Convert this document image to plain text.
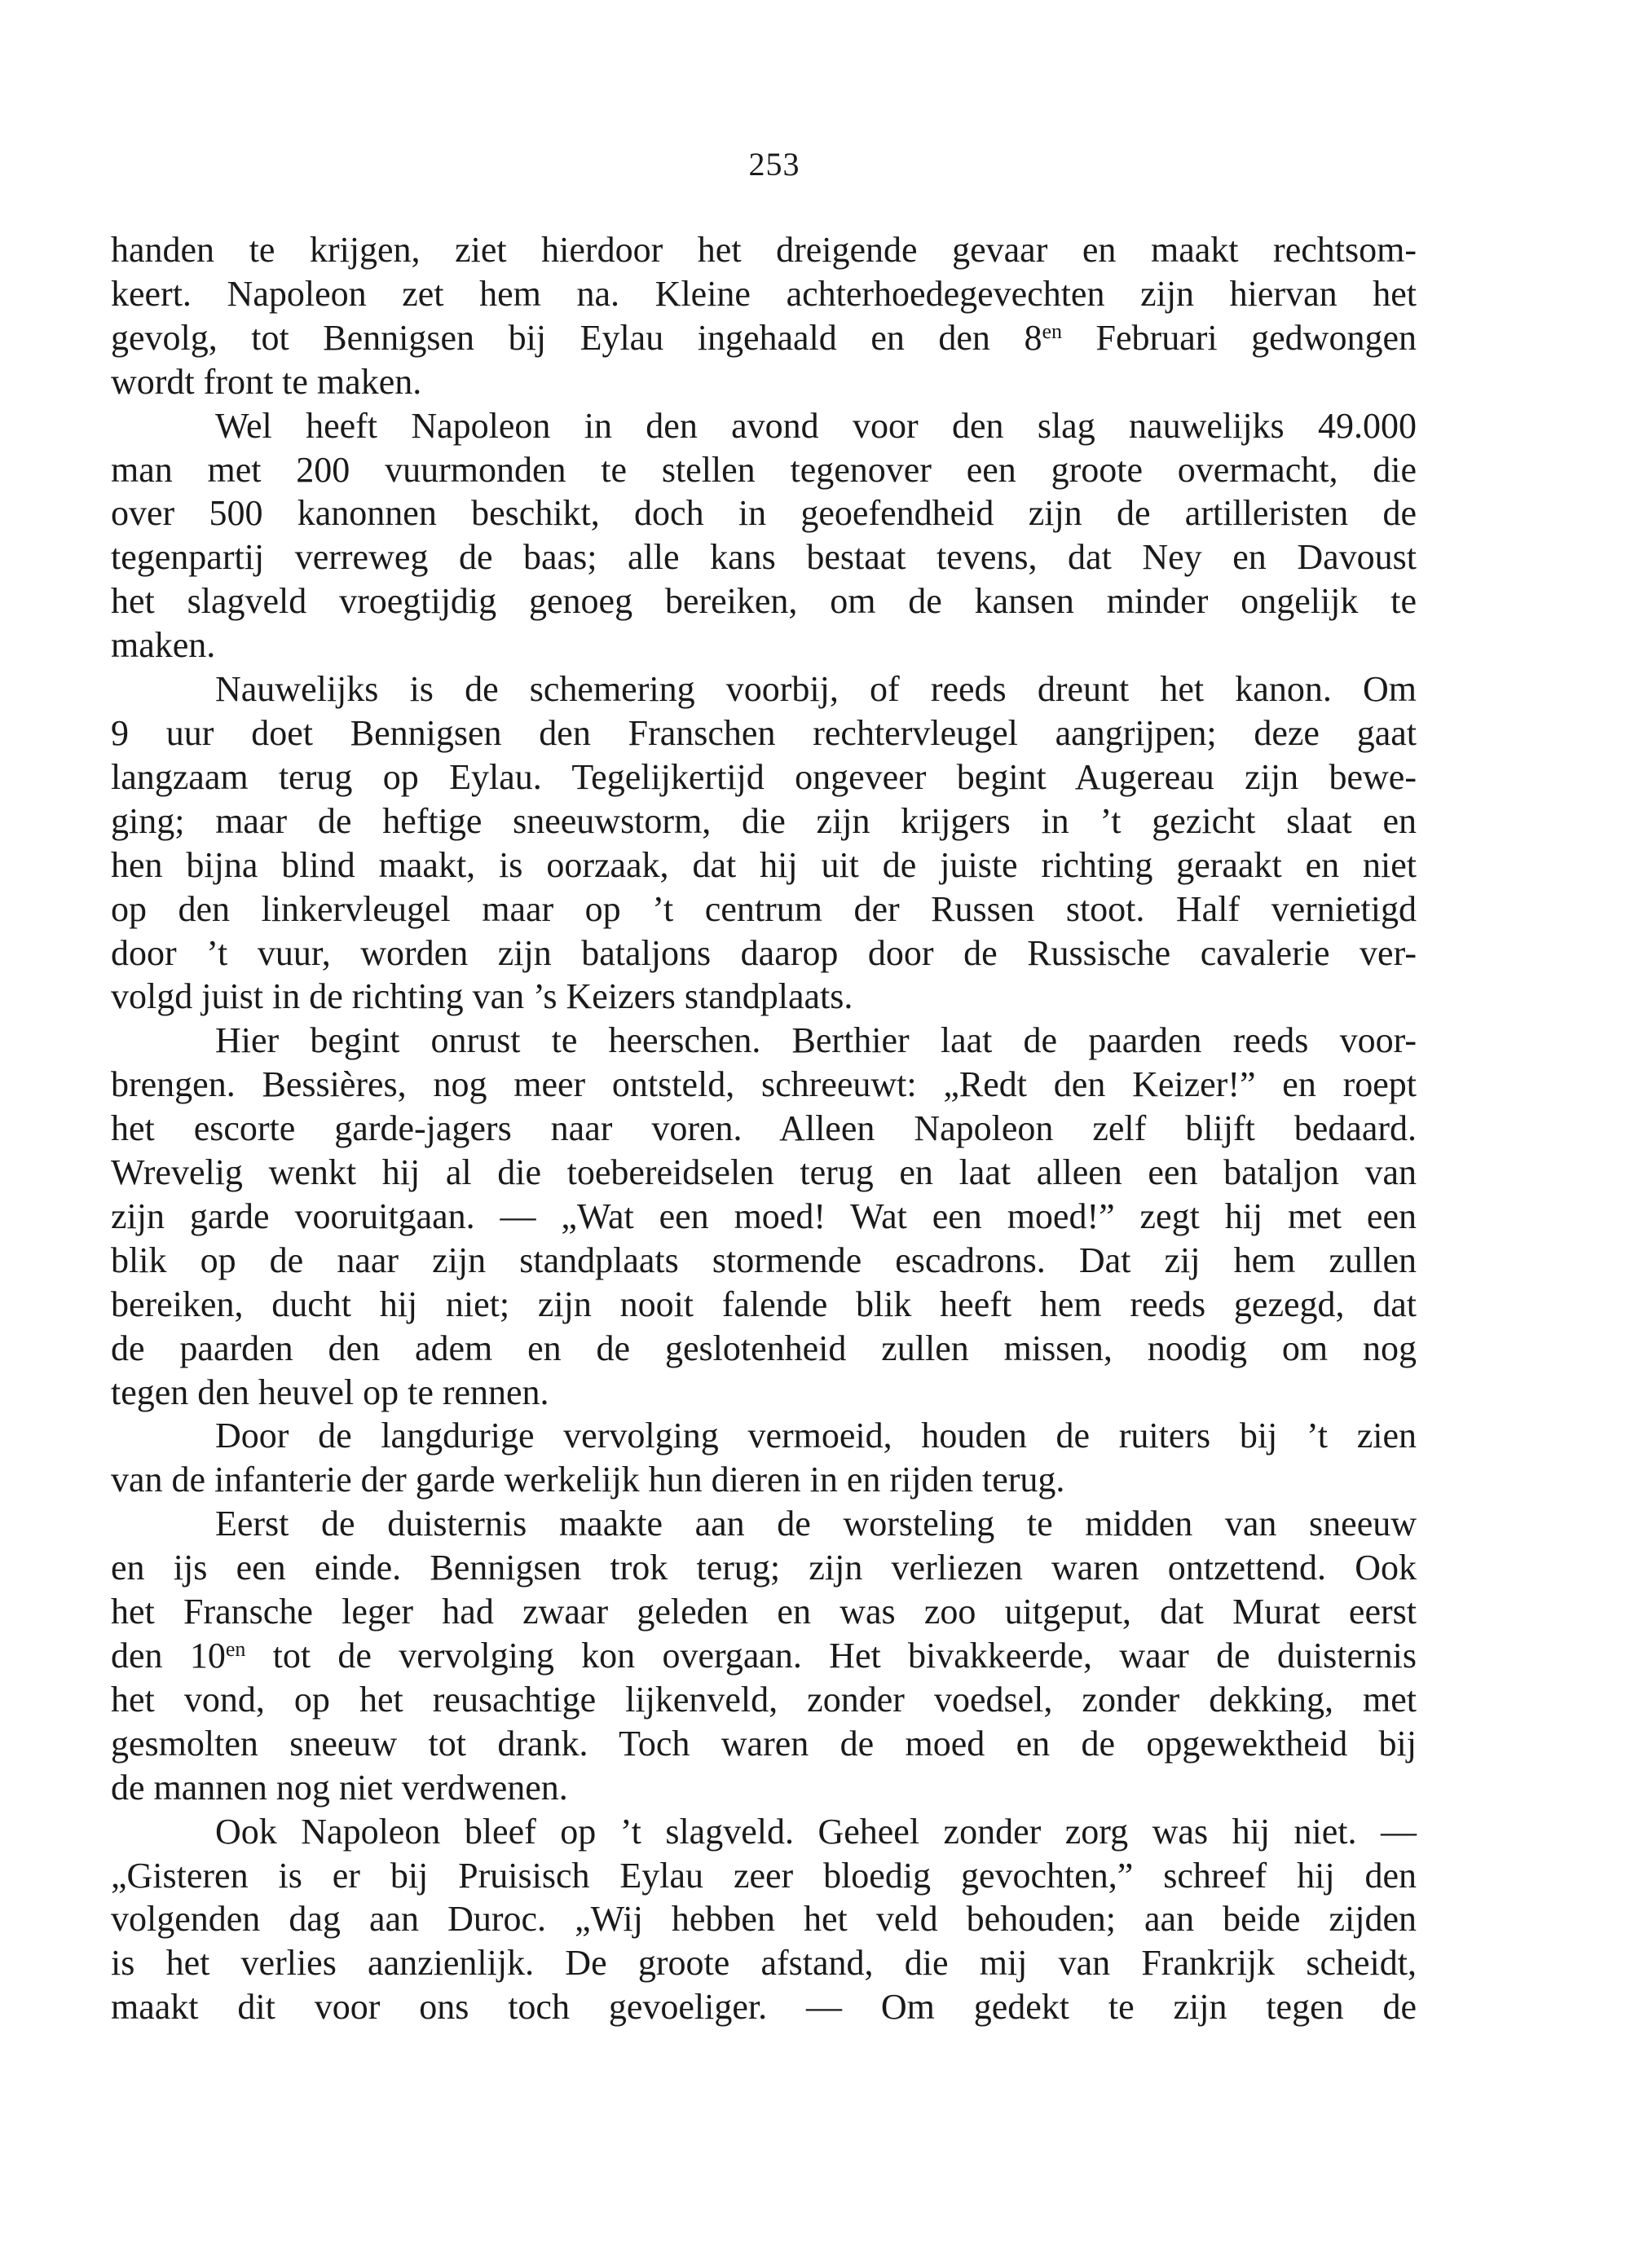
253
handen te krijgen, ziet hierdoor het dreigende gevaar en maakt rechtsom-
keert. Napoleon zet hem na. Kleine achterhoedegevechten zijn hiervan het
gevolg, tot Bennigsen bij Eylau ingehaald en den $8^{en}$ Februari gedwongen
wordt front te maken.
Wel heeft Napoleon in den avond voor den slag nauwelijks 49.000
man met 200 vuurmonden te stellen tegenover een groote overmacht, die
over 500 kanonnen beschikt, doch in geoefendheid zijn de artilleristen de
tegenpartij verreweg de baas; alle kans bestaat tevens, dat Ney en Davoust
het slagveld vroegtijdig genoeg bereiken, om de kansen minder ongelijk te
maken.
Nauwelijks is de schemering voorbij, of reeds dreunt het kanon. Om
9 uur doet Bennigsen den Franschen rechtervleugel aangrijpen; deze gaat
langzaam terug op Eylau. Tegelijkertijd ongeveer begint Augereau zijn bewe-
ging; maar de heftige sneeuwstorm, die zijn krijgers in ’t gezicht slaat en
hen bijna blind maakt, is oorzaak, dat hij uit de juiste richting geraakt en niet
op den linkervleugel maar op ’t centrum der Russen stoot. Half vernietigd
door ’t vuur, worden zijn bataljons daarop door de Russische cavalerie ver-
volgd juist in de richting van ’s Keizers standplaats.
Hier begint onrust te heerschen. Berthier laat de paarden reeds voor-
brengen. Bessières, nog meer ontsteld, schreeuwt: „Redt den Keizer!” en roept
het escorte garde-jagers naar voren. Alleen Napoleon zelf blijft bedaard.
Wrevelig wenkt hij al die toebereidselen terug en laat alleen een bataljon van
zijn garde vooruitgaan. — „Wat een moed! Wat een moed!” zegt hij met een
blik op de naar zijn standplaats stormende escadrons. Dat zij hem zullen
bereiken, ducht hij niet; zijn nooit falende blik heeft hem reeds gezegd, dat
de paarden den adem en de geslotenheid zullen missen, noodig om nog
tegen den heuvel op te rennen.
Door de langdurige vervolging vermoeid, houden de ruiters bij ’t zien
van de infanterie der garde werkelijk hun dieren in en rijden terug.
Eerst de duisternis maakte aan de worsteling te midden van sneeuw
en ijs een einde. Bennigsen trok terug; zijn verliezen waren ontzettend. Ook
het Fransche leger had zwaar geleden en was zoo uitgeput, dat Murat eerst
den $10^{en}$ tot de vervolging kon overgaan. Het bivakkeerde, waar de duisternis
het vond, op het reusachtige lijkenveld, zonder voedsel, zonder dekking, met
gesmolten sneeuw tot drank. Toch waren de moed en de opgewektheid bij
de mannen nog niet verdwenen.
Ook Napoleon bleef op ’t slagveld. Geheel zonder zorg was hij niet. —
„Gisteren is er bij Pruisisch Eylau zeer bloedig gevochten,” schreef hij den
volgenden dag aan Duroc. „Wij hebben het veld behouden; aan beide zijden
is het verlies aanzienlijk. De groote afstand, die mij van Frankrijk scheidt,
maakt dit voor ons toch gevoeliger. — Om gedekt te zijn tegen de
